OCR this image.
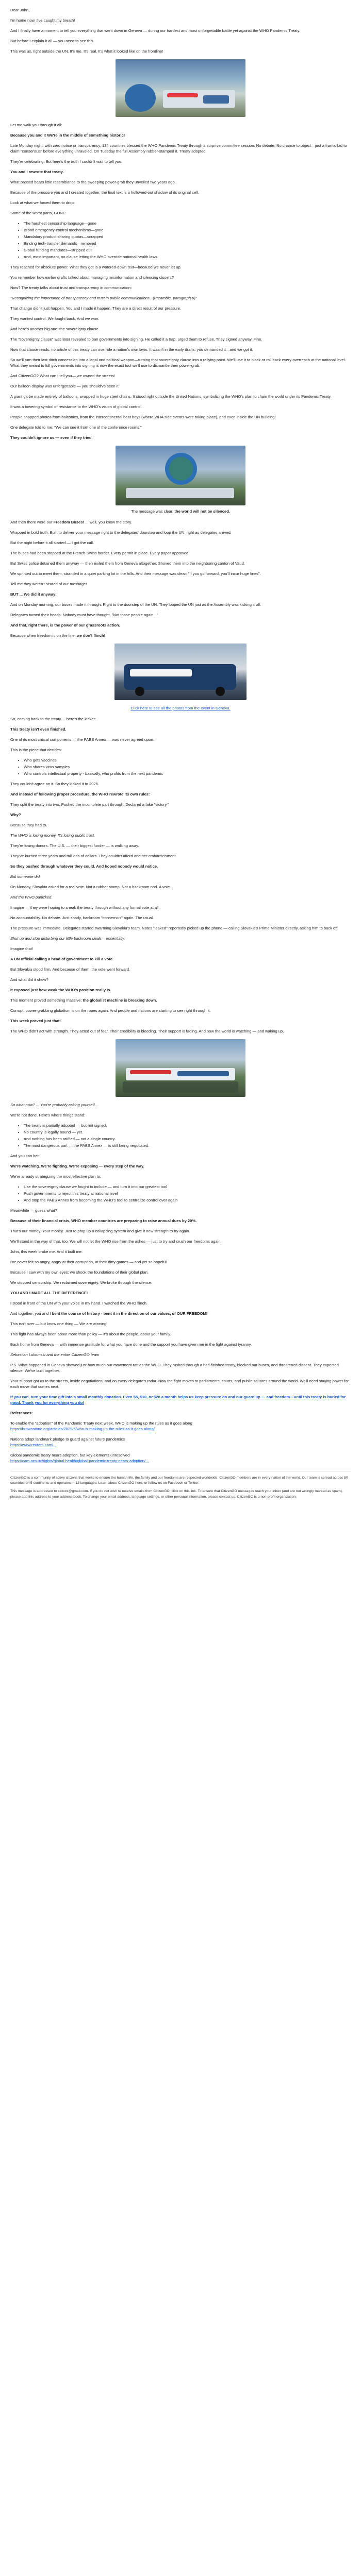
Dear John,

I'm home now. I've caught my breath!

And I finally have a moment to tell you everything that went down in Geneva — during our hardest and most unforgettable battle yet against the WHO Pandemic Treaty.

But before I explain it all — you need to see this.

This was us, right outside the UN. It's me. It's real. It's what it looked like on the frontline!

Let me walk you through it all:

Because you and I! We're in the middle of something historic!

Late Monday night, with zero notice or transparency, 124 countries blessed the WHO Pandemic Treaty through a surprise committee session. No debate. No chance to object—just a frantic bid to claim "consensus" before everything unraveled. On Tuesday the full Assembly rubber-stamped it. Treaty adopted.

They're celebrating. But here's the truth I couldn't wait to tell you:

You and I rewrote that treaty.

What passed bears little resemblance to the sweeping power-grab they unveiled two years ago.

Because of the pressure you and I created together, the final text is a hollowed-out shadow of its original self.

Look at what we forced them to drop:

Some of the worst parts, GONE:

• The harshest censorship language—gone
• Broad emergency-control mechanisms—gone
• Mandatory product sharing quotas—scrapped
• Binding tech-transfer demands—removed
• Global funding mandates—stripped out
• And, most important, no clause letting the WHO override national health laws

They reached for absolute power. What they got is a watered-down text—because we never let up.

You remember how earlier drafts talked about managing misinformation and silencing dissent?

Now? The treaty talks about trust and transparency in communication:

"Recognizing the importance of transparency and trust in public communications...(Preamble, paragraph 8)"

That change didn't just happen. You and I made it happen. They are a direct result of our pressure.

They wanted control. We fought back. And we won.

And here's another big one: the sovereignty clause.

The "sovereignty clause" was later revealed to ban governments into signing. He called it a trap, urged them to refuse. They signed anyway. Fine.

Now that clause reads: no article of this treaty can override a nation's own laws. It wasn't in the early drafts. you demanded it—and we got it.

So we'll turn their last-ditch concession into a legal and political weapon—turning that sovereignty clause into a rallying point. We'll use it to block or roll back every overreach at the national level. What they meant to lull governments into signing is now the exact tool we'll use to dismantle their power-grab.

And CitizenGO? What can I tell you— we owned the streets!

Our balloon display was unforgettable — you should've seen it.

A giant globe made entirely of balloons, wrapped in huge steel chains. It stood right outside the United Nations, symbolizing the WHO's plan to chain the world under its Pandemic Treaty.

It was a towering symbol of resistance to the WHO's vision of global control.

People snapped photos from balconies, from the intercontinental beat boys (where WHA side events were taking place), and even inside the UN building!

One delegate told to me: "We can see it from one of the conference rooms."

They couldn't ignore us — even if they tried.

The message was clear: the world will not be silenced.

And then there were our Freedom Buses! ... well, you know the story.

Wrapped in bold truth. Built to deliver your message right to the delegates' doorstep and loop the UN, right as delegates arrived.

But the night before it all started — I got the call.

The buses had been stopped at the French-Swiss border. Every permit in place. Every paper approved.

But Swiss police detained them anyway — then exiled them from Geneva altogether. Shoved them into the neighboring canton of Vaud.

We sprinted out to meet them, stranded in a quiet parking lot in the hills. And their message was clear: "If you go forward, you'll incur huge fines".

Tell me they weren't scared of our message!

BUT ... We did it anyway!

And on Monday morning, our buses made it through. Right to the doorstep of the UN. They looped the UN just as the Assembly was kicking it off.

Delegates turned their heads. Nobody must have thought, "Not those people again..."

And that, right there, is the power of our grassroots action.

Because when freedom is on the line, we don't flinch!

Click here to see all the photos from the event in Geneva.

So, coming back to the treaty ... here's the kicker:

This treaty isn't even finished.

One of its most critical components — the PABS Annex — was never agreed upon.

This is the piece that decides:

• Who gets vaccines
• Who shares virus samples
• Who controls intellectual property - basically, who profits from the next pandemic

They couldn't agree on it. So they kicked it to 2026.

And instead of following proper procedure, the WHO rewrote its own rules:

They split the treaty into two. Pushed the incomplete part through. Declared a fake "victory."

Why?

Because they had to.

The WHO is losing money. It's losing public trust.

They're losing donors. The U.S. — their biggest funder — is walking away.

They've burned three years and millions of dollars. They couldn't afford another embarrassment.

So they pushed through whatever they could. And hoped nobody would notice.

But someone did.

On Monday, Slovakia asked for a real vote. Not a rubber stamp. Not a backroom nod. A vote.

And the WHO panicked.

Imagine — they were hoping to sneak the treaty through without any formal vote at all.

No accountability. No debate. Just shady, backroom "consensus" again. The usual.

The pressure was immediate. Delegates started swarming Slovakia's team. Notes "leaked" reportedly picked up the phone — calling Slovakia's Prime Minister directly, asking him to back off.

Shut up and stop disturbing our little backroom deals – essentially.

Imagine that!

A UN official calling a head of government to kill a vote.

But Slovakia stood firm. And because of them, the vote went forward.

And what did it show?

It exposed just how weak the WHO's position really is.

This moment proved something massive: the globalist machine is breaking down.

Corrupt, power-grabbing globalism is on the ropes again. And people and nations are starting to see right through it.

This week proved just that!

The WHO didn't act with strength. They acted out of fear. Their credibility is bleeding. Their support is fading. And now the world is watching — and waking up.

So what now? ... You're probably asking yourself...

We're not done. Here's where things stand:

• The treaty is partially adopted — but not signed.
• No country is legally bound — yet.
• And nothing has been ratified — not a single country.
• The most dangerous part — the PABS Annex — is still being negotiated.

And you can bet:

We're watching. We're fighting. We're exposing — every step of the way.

We're already strategizing the most effective plan to:

• Use the sovereignty clause we fought to include — and turn it into our greatest tool
• Push governments to reject this treaty at national level
• And stop the PABS Annex from becoming the WHO's tool to centralize control over again

Meanwhile — guess what?

Because of their financial crisis, WHO member countries are preparing to raise annual dues by 20%.

That's our money. Your money. Just to prop up a collapsing system and give it new strength to try again.

We'll stand in the way of that, too. We will not let the WHO rise from the ashes — just to try and crush our freedoms again.

John, this week broke me. And it built me.

I've never felt so angry, angry at their corruption, at their dirty games — and yet so hopeful!

Because I saw with my own eyes: we shook the foundations of their global plan.

We stopped censorship. We reclaimed sovereignty. We broke through the silence.

YOU AND I MADE ALL THE DIFFERENCE!

I stood in front of the UN with your voice in my hand. I watched the WHO flinch.

And together, you and I bent the course of history - bent it in the direction of our values, of OUR FREEDOM!

This isn't over — but know one thing — We are winning!

This fight has always been about more than policy — it's about the people, about your family.

Back home from Geneva — with immense gratitude for what you have done and the support you have given me in the fight against tyranny,

Sebastian Lukomski and the entire CitizenGO team

P.S. What happened in Geneva showed just how much our movement rattles the WHO. They rushed through a half-finished treaty, blocked our buses, and threatened dissent. They expected silence. We've built together.

Your support got us to the streets, inside negotiations, and on every delegate's radar. Now the fight moves to parliaments, courts, and public squares around the world. We'll need staying power for each move that comes next.

If you can, turn your time gift into a small monthly donation. Even $5, $10, or $20 a month helps us keep pressure on and our guard up — and freedom—until this treaty is buried for good. Thank you for everything you do!

References:

To enable the "adoption" of the Pandemic Treaty next week, WHO is making up the rules as it goes along
https://brownstone.org/articles/2025/5/who-is-making-up-the-rules-as-it-goes-along/

Nations adopt landmark pledge to guard against future pandemics
https://www.reuters.com/...

Global pandemic treaty nears adoption, but key elements unresolved
https://cam.acs.uz/rights/global-health/global-pandemic-treaty-nears-adoption/...

CitizenGO is a community of active citizens that works to ensure the human life, the family and our freedoms are respected worldwide. CitizenGO members are in every nation of the world. Our team is spread across 50 countries on 5 continents and operates in 12 languages. Learn about CitizenGO here, or follow us on Facebook or Twitter.

This message is addressed to xxxxxx@gmail.com. If you do not wish to receive emails from CitizenGO, click on this link. To ensure that CitizenGO messages reach your inbox (and are not wrongly marked as spam), please add this address to your address book. To change your email address, language settings, or other personal information, please contact us. CitizenGO is a non-profit organization.
